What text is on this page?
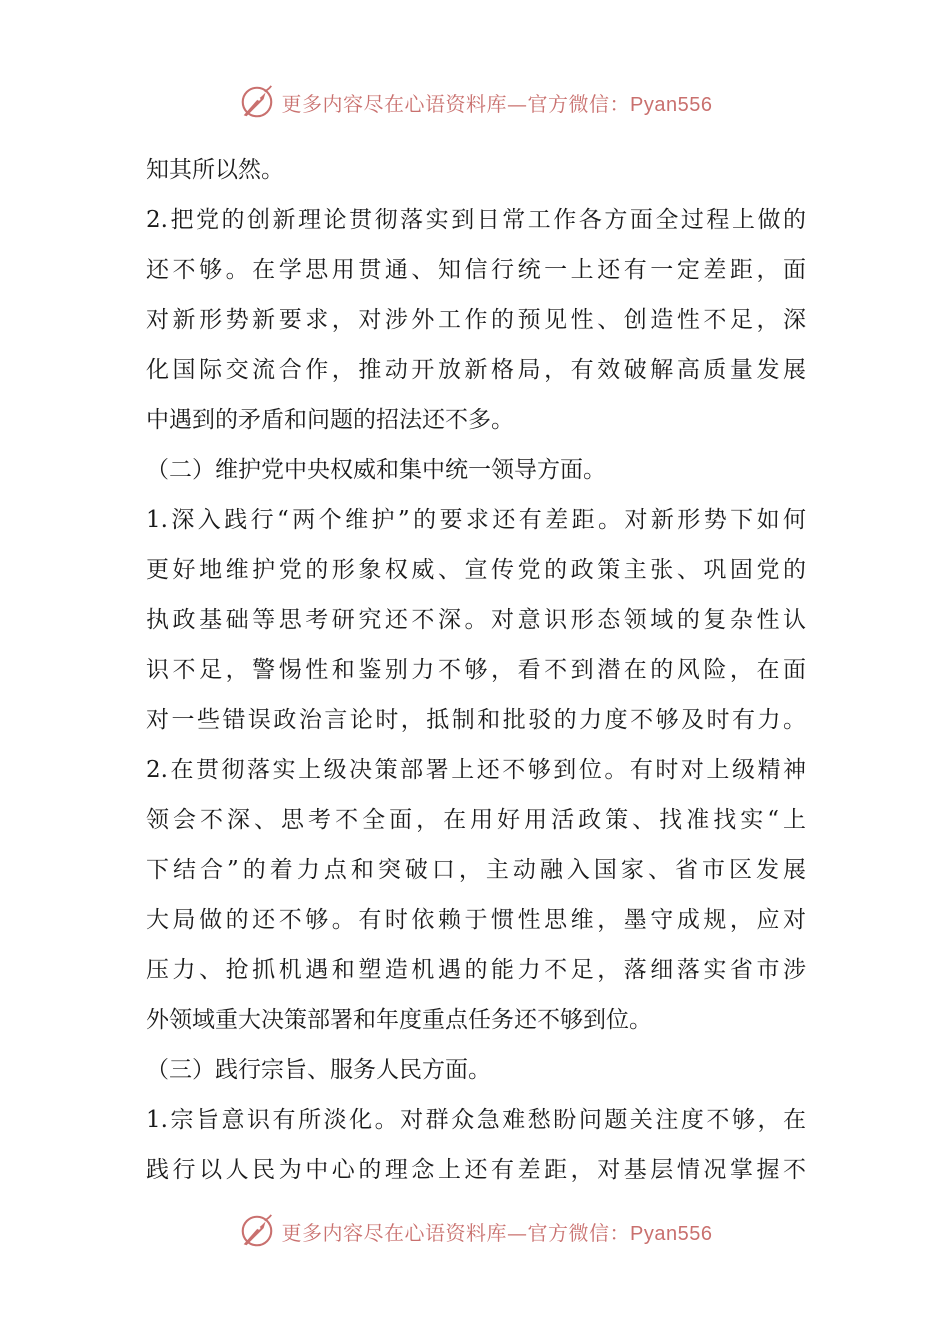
更多内容尽在心语资料库—官方微信：Pyan556
知其所以然。
2.把党的创新理论贯彻落实到日常工作各方面全过程上做的
还不够。在学思用贯通、知信行统一上还有一定差距，面
对新形势新要求，对涉外工作的预见性、创造性不足，深
化国际交流合作，推动开放新格局，有效破解高质量发展
中遇到的矛盾和问题的招法还不多。
（二）维护党中央权威和集中统一领导方面。
1.深入践行“两个维护”的要求还有差距。对新形势下如何
更好地维护党的形象权威、宣传党的政策主张、巩固党的
执政基础等思考研究还不深。对意识形态领域的复杂性认
识不足，警惕性和鉴别力不够，看不到潜在的风险，在面
对一些错误政治言论时，抵制和批驳的力度不够及时有力。
2.在贯彻落实上级决策部署上还不够到位。有时对上级精神
领会不深、思考不全面，在用好用活政策、找准找实“上
下结合”的着力点和突破口，主动融入国家、省市区发展
大局做的还不够。有时依赖于惯性思维，墨守成规，应对
压力、抢抓机遇和塑造机遇的能力不足，落细落实省市涉
外领域重大决策部署和年度重点任务还不够到位。
（三）践行宗旨、服务人民方面。
1.宗旨意识有所淡化。对群众急难愁盼问题关注度不够，在
践行以人民为中心的理念上还有差距，对基层情况掌握不
更多内容尽在心语资料库—官方微信：Pyan556
